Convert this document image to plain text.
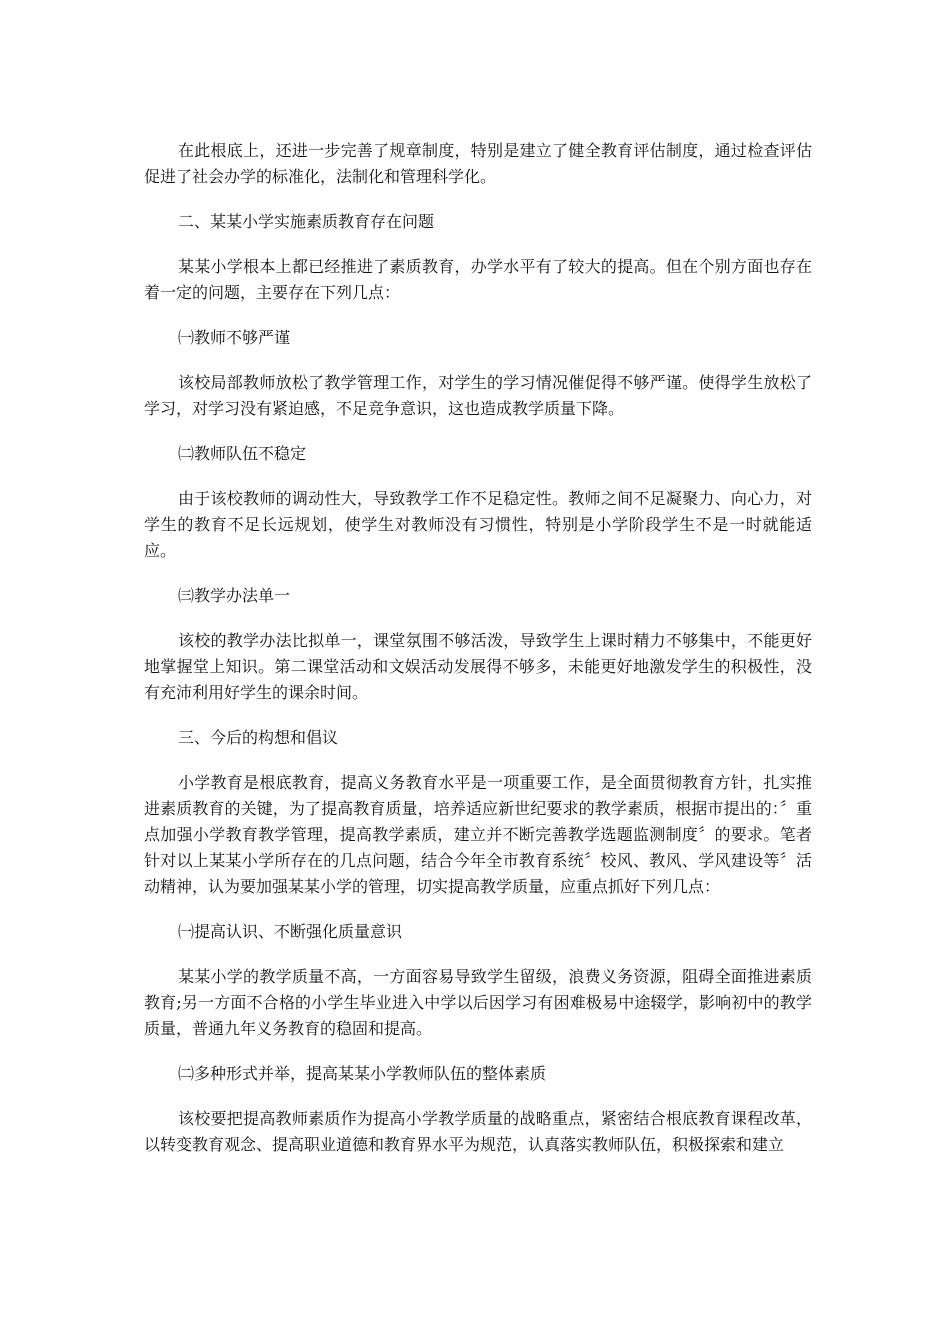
在此根底上，还进一步完善了规章制度，特别是建立了健全教育评估制度，通过检查评估促进了社会办学的标准化，法制化和管理科学化。

二、某某小学实施素质教育存在问题

某某小学根本上都已经推进了素质教育，办学水平有了较大的提高。但在个别方面也存在着一定的问题，主要存在下列几点：

㈠教师不够严谨

该校局部教师放松了教学管理工作，对学生的学习情况催促得不够严谨。使得学生放松了学习，对学习没有紧迫感，不足竞争意识，这也造成教学质量下降。

㈡教师队伍不稳定

由于该校教师的调动性大，导致教学工作不足稳定性。教师之间不足凝聚力、向心力，对学生的教育不足长远规划，使学生对教师没有习惯性，特别是小学阶段学生不是一时就能适应。

㈢教学办法单一

该校的教学办法比拟单一，课堂氛围不够活泼，导致学生上课时精力不够集中，不能更好地掌握堂上知识。第二课堂活动和文娱活动发展得不够多，未能更好地激发学生的积极性，没有充沛利用好学生的课余时间。

三、今后的构想和倡议

小学教育是根底教育，提高义务教育水平是一项重要工作，是全面贯彻教育方针，扎实推进素质教育的关键，为了提高教育质量，培养适应新世纪要求的教学素质，根据市提出的：〞重点加强小学教育教学管理，提高教学素质，建立并不断完善教学选题监测制度〞的要求。笔者针对以上某某小学所存在的几点问题，结合今年全市教育系统〞校风、教风、学风建设等〞活动精神，认为要加强某某小学的管理，切实提高教学质量，应重点抓好下列几点：

㈠提高认识、不断强化质量意识

某某小学的教学质量不高，一方面容易导致学生留级，浪费义务资源，阻碍全面推进素质教育;另一方面不合格的小学生毕业进入中学以后因学习有困难极易中途辍学，影响初中的教学质量，普通九年义务教育的稳固和提高。

㈡多种形式并举，提高某某小学教师队伍的整体素质

该校要把提高教师素质作为提高小学教学质量的战略重点，紧密结合根底教育课程改革，以转变教育观念、提高职业道德和教育界水平为规范，认真落实教师队伍，积极探索和建立
